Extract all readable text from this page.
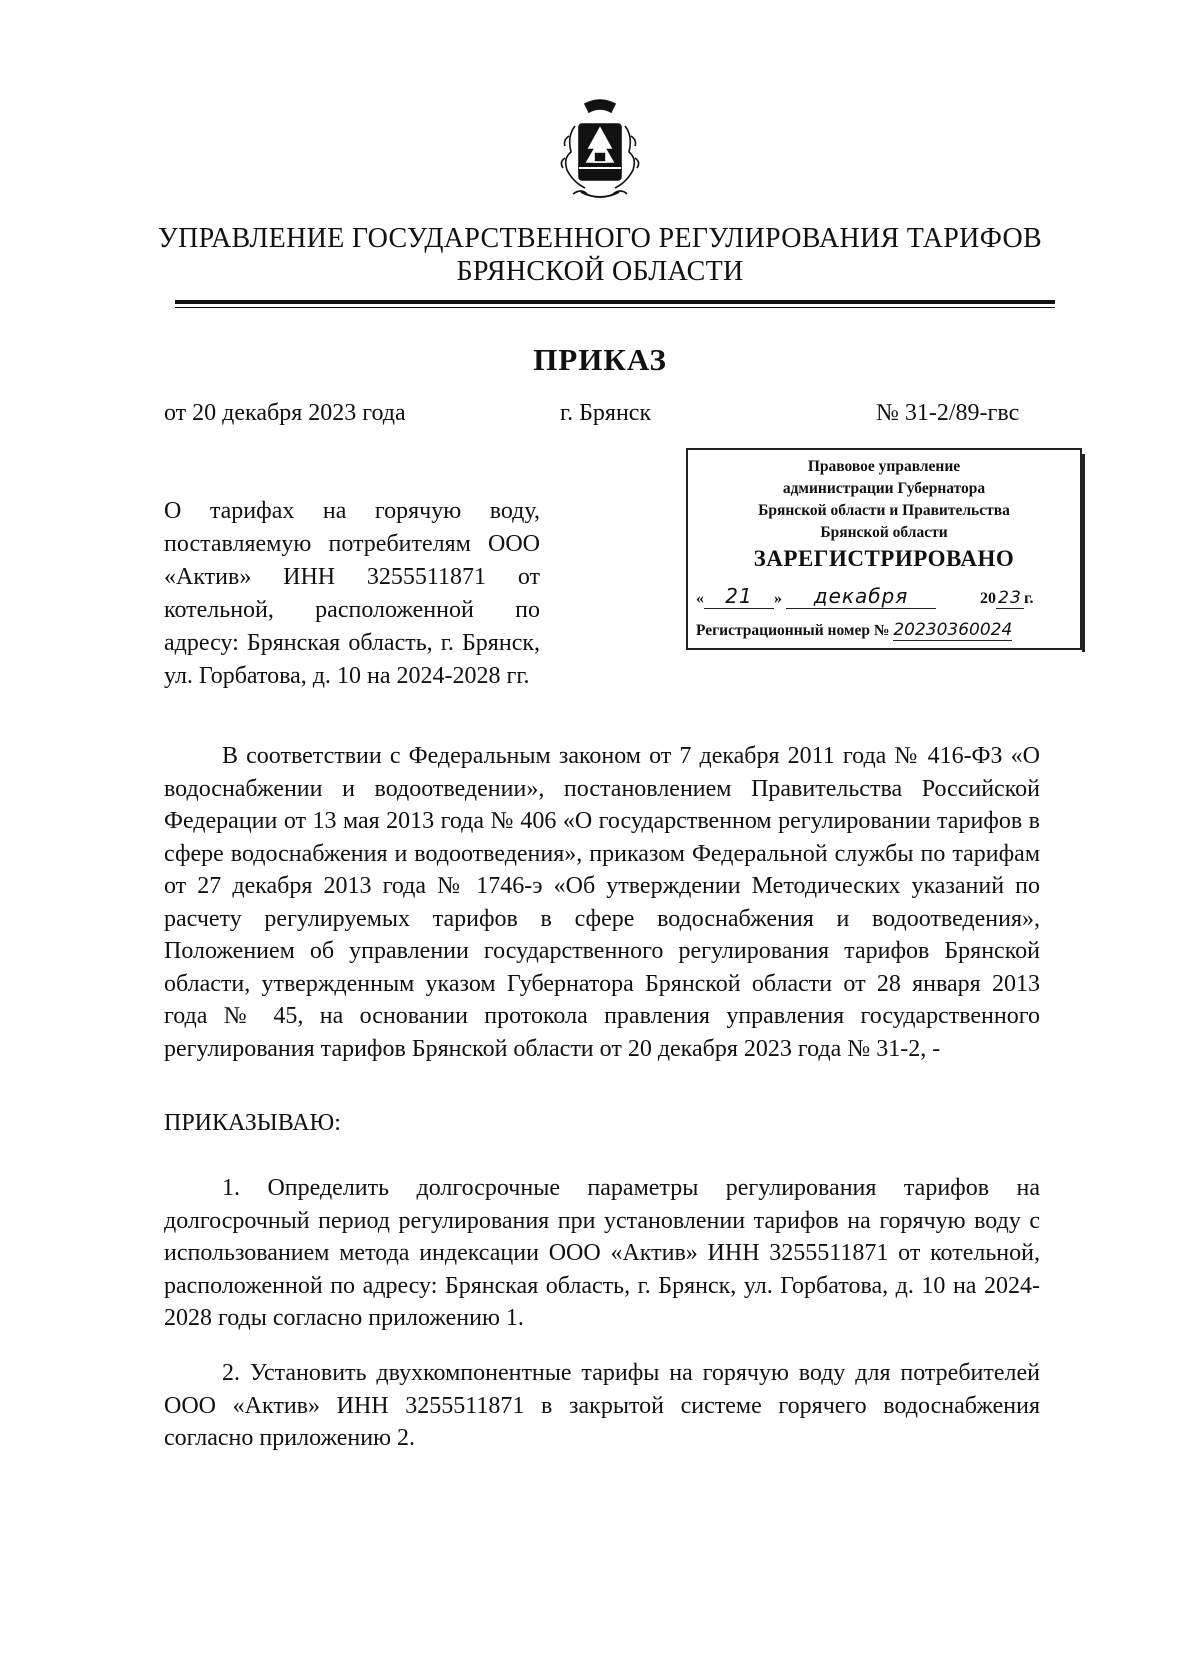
УПРАВЛЕНИЕ ГОСУДАРСТВЕННОГО РЕГУЛИРОВАНИЯ ТАРИФОВ
БРЯНСКОЙ ОБЛАСТИ
ПРИКАЗ
от 20 декабря 2023 года	г. Брянск	№ 31-2/89-гвс
Правовое управление
администрации Губернатора
Брянской области и Правительства
Брянской области
ЗАРЕГИСТРИРОВАНО
« 21 » декабря	20 23 г.
Регистрационный номер № 20230360024
О тарифах на горячую воду, поставляемую потребителям ООО «Актив» ИНН 3255511871 от котельной, расположенной по адресу: Брянская область, г. Брянск, ул. Горбатова, д. 10 на 2024-2028 гг.
В соответствии с Федеральным законом от 7 декабря 2011 года № 416-ФЗ «О водоснабжении и водоотведении», постановлением Правительства Российской Федерации от 13 мая 2013 года № 406 «О государственном регулировании тарифов в сфере водоснабжения и водоотведения», приказом Федеральной службы по тарифам от 27 декабря 2013 года № 1746-э «Об утверждении Методических указаний по расчету регулируемых тарифов в сфере водоснабжения и водоотведения», Положением об управлении государственного регулирования тарифов Брянской области, утвержденным указом Губернатора Брянской области от 28 января 2013 года № 45, на основании протокола правления управления государственного регулирования тарифов Брянской области от 20 декабря 2023 года № 31-2, -
ПРИКАЗЫВАЮ:
1. Определить долгосрочные параметры регулирования тарифов на долгосрочный период регулирования при установлении тарифов на горячую воду с использованием метода индексации ООО «Актив» ИНН 3255511871 от котельной, расположенной по адресу: Брянская область, г. Брянск, ул. Горбатова, д. 10 на 2024-2028 годы согласно приложению 1.
2. Установить двухкомпонентные тарифы на горячую воду для потребителей ООО «Актив» ИНН 3255511871 в закрытой системе горячего водоснабжения согласно приложению 2.
